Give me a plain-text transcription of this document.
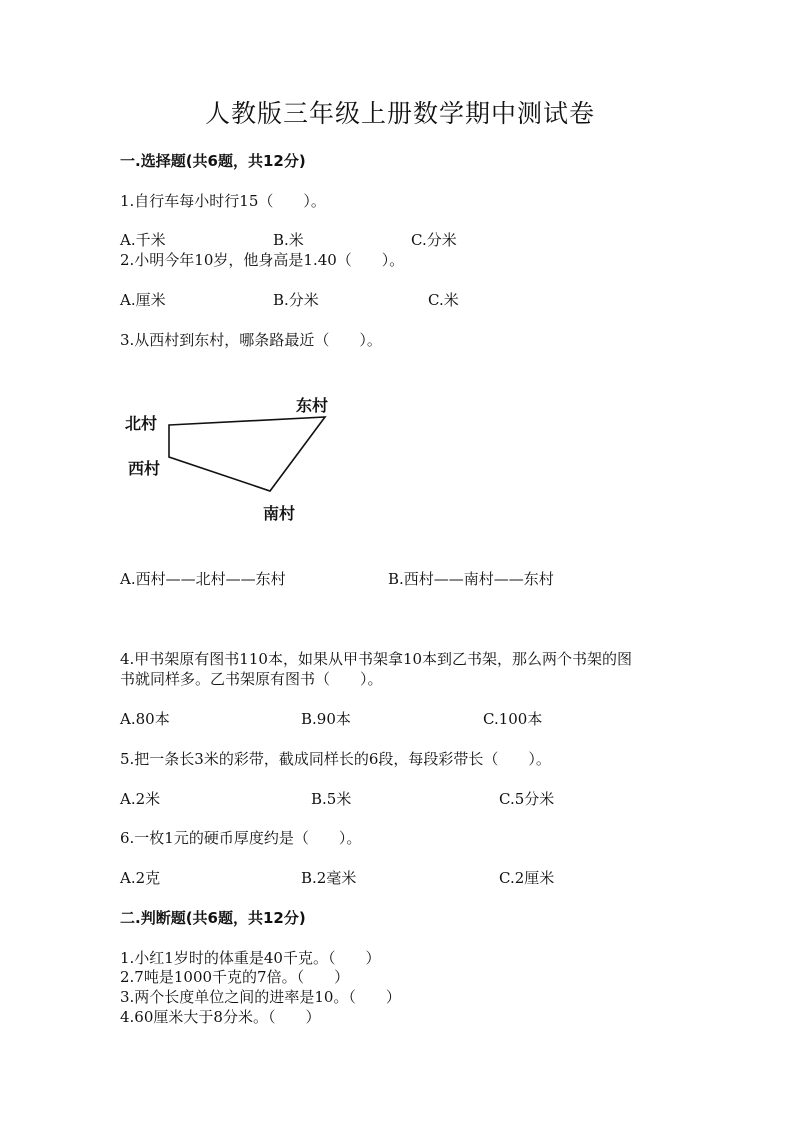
人教版三年级上册数学期中测试卷
一.选择题(共6题，共12分)
1.自行车每小时行15（　　）。
A.千米	B.米	C.分米
2.小明今年10岁，他身高是1.40（　　）。
A.厘米	B.分米	C.米
3.从西村到东村，哪条路最近（　　）。
北村
东村
西村
南村
A.西村——北村——东村	B.西村——南村——东村
4.甲书架原有图书110本，如果从甲书架拿10本到乙书架，那么两个书架的图
书就同样多。乙书架原有图书（　　）。
A.80本	B.90本	C.100本
5.把一条长3米的彩带，截成同样长的6段，每段彩带长（　　）。
A.2米	B.5米	C.5分米
6.一枚1元的硬币厚度约是（　　）。
A.2克	B.2毫米	C.2厘米
二.判断题(共6题，共12分)
1.小红1岁时的体重是40千克。（　　）
2.7吨是1000千克的7倍。（　　）
3.两个长度单位之间的进率是10。（　　）
4.60厘米大于8分米。（　　）
